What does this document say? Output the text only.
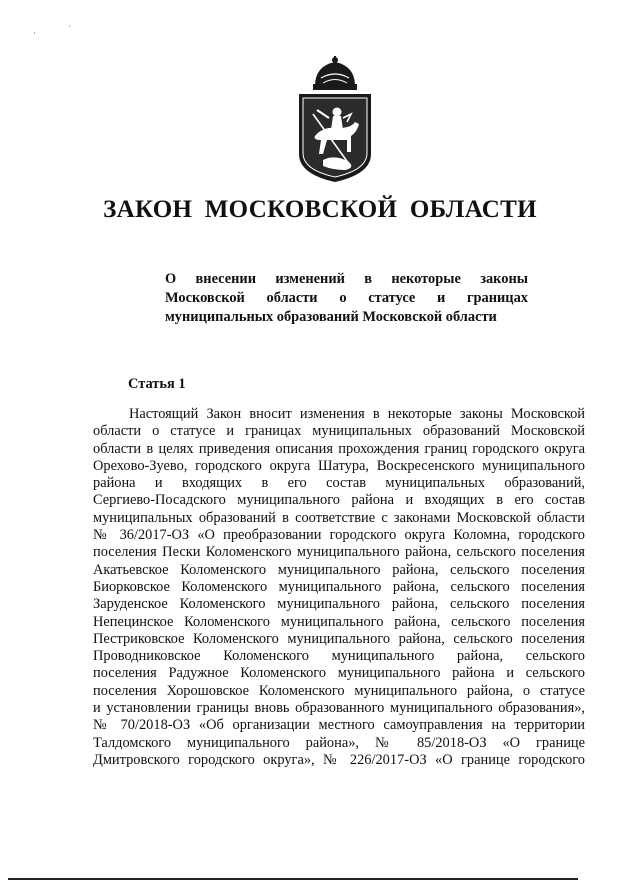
·	ˊ
ЗАКОН МОСКОВСКОЙ ОБЛАСТИ
О внесении изменений в некоторые законы
Московской области о статусе и границах
муниципальных образований Московской области
Статья 1
Настоящий Закон вносит изменения в некоторые законы Московской
области о статусе и границах муниципальных образований Московской
области в целях приведения описания прохождения границ городского округа
Орехово-Зуево, городского округа Шатура, Воскресенского муниципального
района и входящих в его состав муниципальных образований,
Сергиево-Посадского муниципального района и входящих в его состав
муниципальных образований в соответствие с законами Московской области
№ 36/2017-ОЗ «О преобразовании городского округа Коломна, городского
поселения Пески Коломенского муниципального района, сельского поселения
Акатьевское Коломенского муниципального района, сельского поселения
Биорковское Коломенского муниципального района, сельского поселения
Заруденское Коломенского муниципального района, сельского поселения
Непецинское Коломенского муниципального района, сельского поселения
Пестриковское Коломенского муниципального района, сельского поселения
Проводниковское Коломенского муниципального района, сельского
поселения Радужное Коломенского муниципального района и сельского
поселения Хорошовское Коломенского муниципального района, о статусе
и установлении границы вновь образованного муниципального образования»,
№ 70/2018-ОЗ «Об организации местного самоуправления на территории
Талдомского муниципального района», № 85/2018-ОЗ «О границе
Дмитровского городского округа», № 226/2017-ОЗ «О границе городского
